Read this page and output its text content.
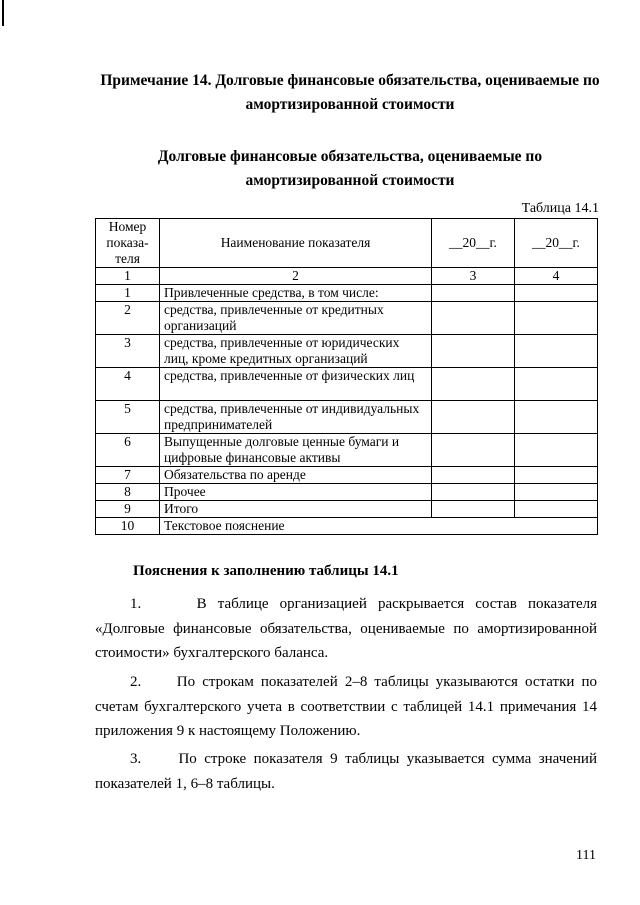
Примечание 14. Долговые финансовые обязательства, оцениваемые по амортизированной стоимости
Долговые финансовые обязательства, оцениваемые по амортизированной стоимости
Таблица 14.1
Номер показа-теля	Наименование показателя	__20__г.	__20__г.
1	2	3	4
1	Привлеченные средства, в том числе:		
2	средства, привлеченные от кредитных организаций		
3	средства, привлеченные от юридических лиц, кроме кредитных организаций		
4	средства, привлеченные от физических лиц		
5	средства, привлеченные от индивидуальных предпринимателей		
6	Выпущенные долговые ценные бумаги и цифровые финансовые активы		
7	Обязательства по аренде		
8	Прочее		
9	Итого		
10	Текстовое пояснение		
Пояснения к заполнению таблицы 14.1
1.	В таблице организацией раскрывается состав показателя «Долговые финансовые обязательства, оцениваемые по амортизированной стоимости» бухгалтерского баланса.
2. По строкам показателей 2–8 таблицы указываются остатки по счетам бухгалтерского учета в соответствии с таблицей 14.1 примечания 14 приложения 9 к настоящему Положению.
3. По строке показателя 9 таблицы указывается сумма значений показателей 1, 6–8 таблицы.
111
